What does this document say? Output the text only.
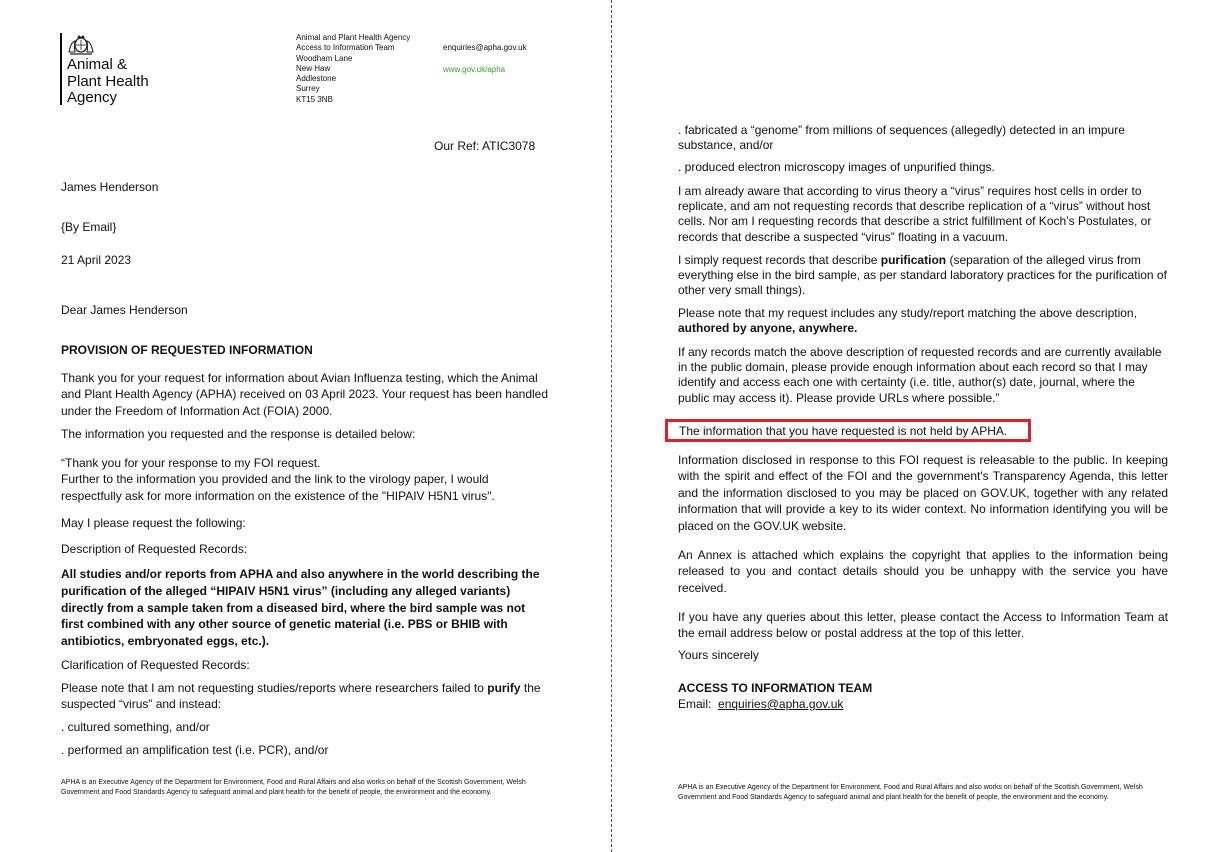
Animal &
Plant Health
Agency
Animal and Plant Health Agency
Access to Information Team
Woodham Lane
New Haw
Addlestone
Surrey
KT15 3NB
enquiries@apha.gov.uk
www.gov.uk/apha
Our Ref: ATIC3078
James Henderson
{By Email}
21 April 2023
Dear James Henderson
PROVISION OF REQUESTED INFORMATION
Thank you for your request for information about Avian Influenza testing, which the Animal and Plant Health Agency (APHA) received on 03 April 2023. Your request has been handled under the Freedom of Information Act (FOIA) 2000.
The information you requested and the response is detailed below:
“Thank you for your response to my FOI request.
Further to the information you provided and the link to the virology paper, I would respectfully ask for more information on the existence of the "HIPAIV H5N1 virus".
May I please request the following:
Description of Requested Records:
All studies and/or reports from APHA and also anywhere in the world describing the purification of the alleged “HIPAIV H5N1 virus” (including any alleged variants) directly from a sample taken from a diseased bird, where the bird sample was not first combined with any other source of genetic material (i.e. PBS or BHIB with antibiotics, embryonated eggs, etc.).
Clarification of Requested Records:
Please note that I am not requesting studies/reports where researchers failed to purify the suspected “virus” and instead:
. cultured something, and/or
. performed an amplification test (i.e. PCR), and/or
APHA is an Executive Agency of the Department for Environment, Food and Rural Affairs and also works on behalf of the Scottish Government, Welsh Government and Food Standards Agency to safeguard animal and plant health for the benefit of people, the environment and the economy.
. fabricated a “genome” from millions of sequences (allegedly) detected in an impure substance, and/or
. produced electron microscopy images of unpurified things.
I am already aware that according to virus theory a “virus” requires host cells in order to replicate, and am not requesting records that describe replication of a “virus” without host cells. Nor am I requesting records that describe a strict fulfillment of Koch’s Postulates, or records that describe a suspected “virus” floating in a vacuum.
I simply request records that describe purification (separation of the alleged virus from everything else in the bird sample, as per standard laboratory practices for the purification of other very small things).
Please note that my request includes any study/report matching the above description, authored by anyone, anywhere.
If any records match the above description of requested records and are currently available in the public domain, please provide enough information about each record so that I may identify and access each one with certainty (i.e. title, author(s) date, journal, where the public may access it). Please provide URLs where possible.”
The information that you have requested is not held by APHA.
Information disclosed in response to this FOI request is releasable to the public. In keeping with the spirit and effect of the FOI and the government's Transparency Agenda, this letter and the information disclosed to you may be placed on GOV.UK, together with any related information that will provide a key to its wider context. No information identifying you will be placed on the GOV.UK website.
An Annex is attached which explains the copyright that applies to the information being released to you and contact details should you be unhappy with the service you have received.
If you have any queries about this letter, please contact the Access to Information Team at the email address below or postal address at the top of this letter.
Yours sincerely
ACCESS TO INFORMATION TEAM
Email: enquiries@apha.gov.uk
APHA is an Executive Agency of the Department for Environment, Food and Rural Affairs and also works on behalf of the Scottish Government, Welsh Government and Food Standards Agency to safeguard animal and plant health for the benefit of people, the environment and the economy.
